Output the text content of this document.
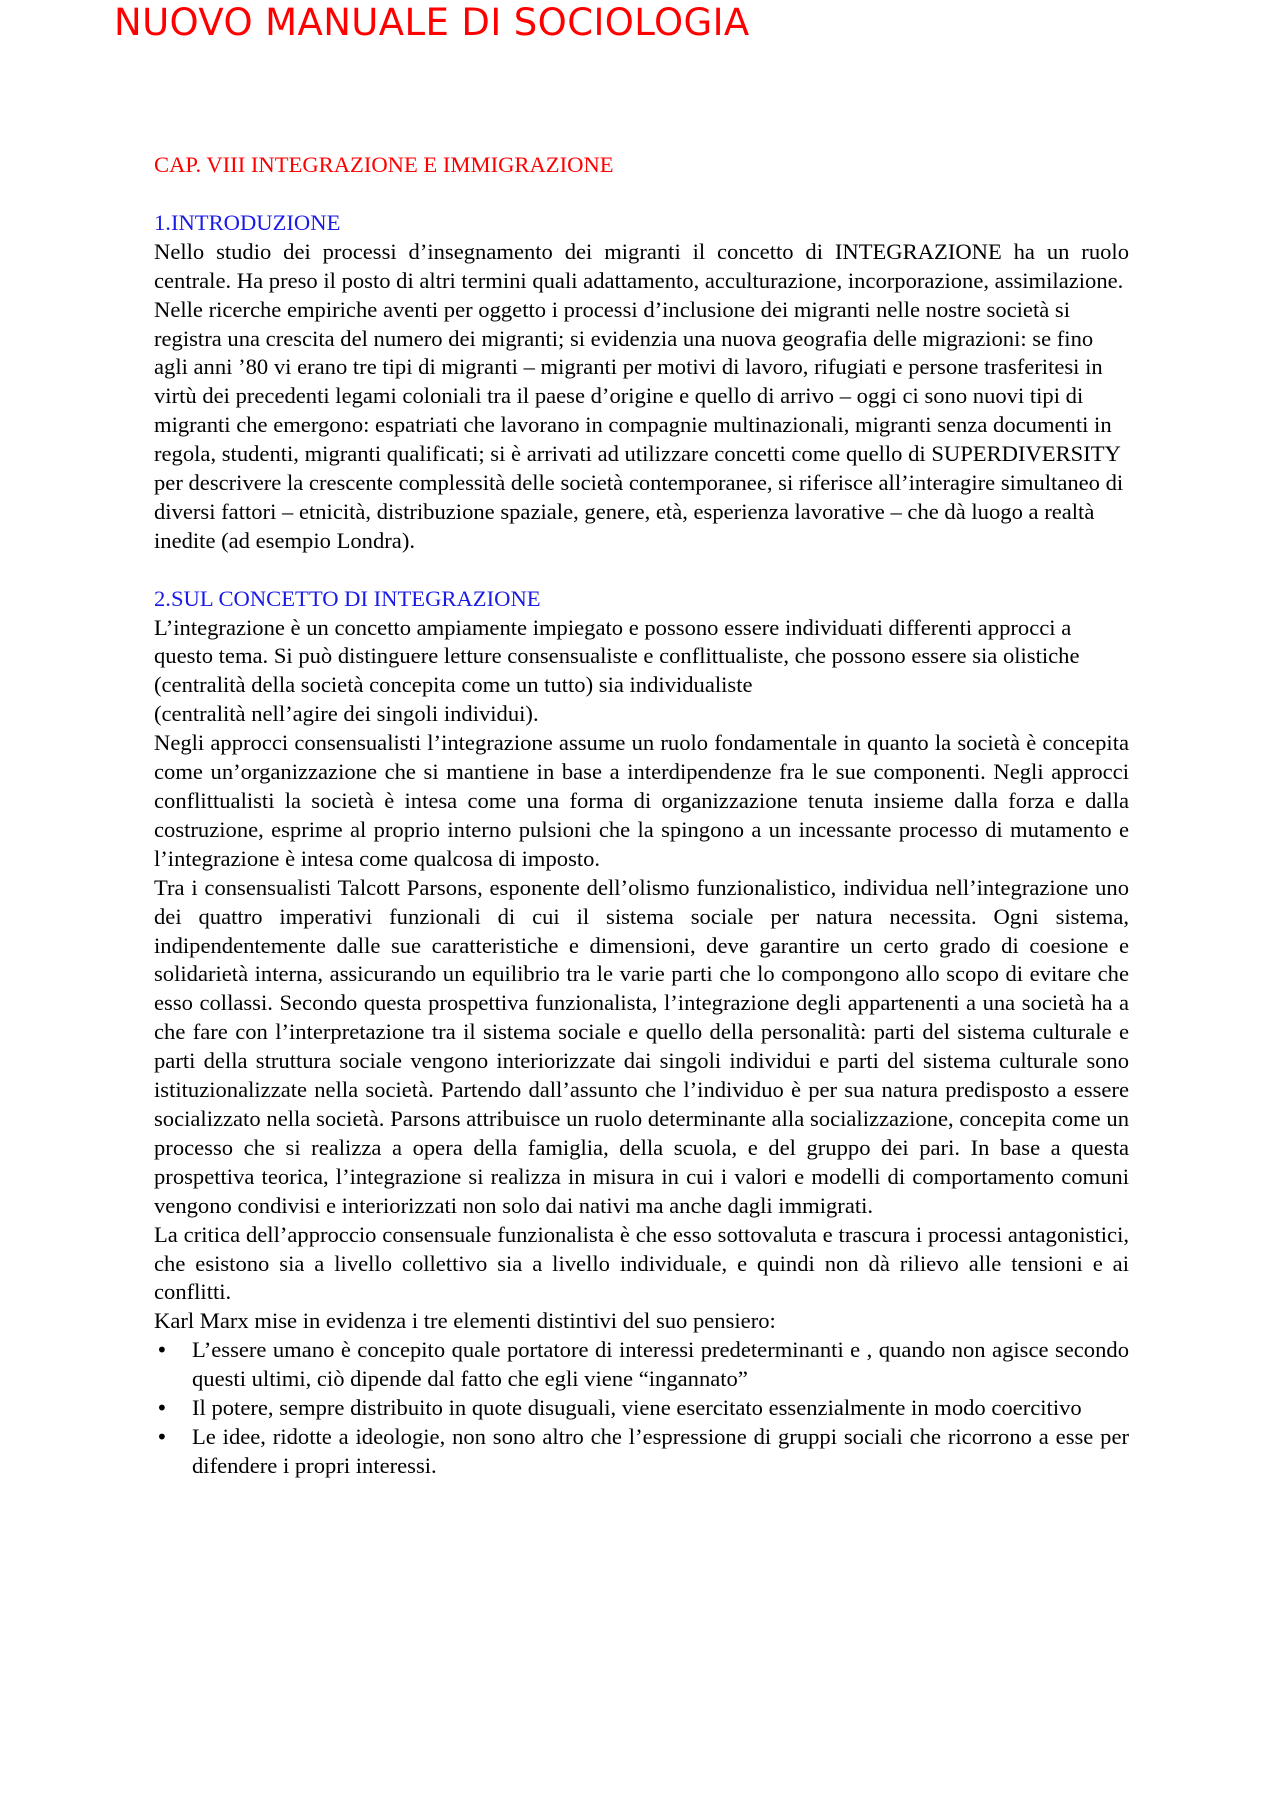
NUOVO MANUALE DI SOCIOLOGIA
CAP. VIII INTEGRAZIONE E IMMIGRAZIONE
1.INTRODUZIONE

Nello studio dei processi d’insegnamento dei migranti il concetto di INTEGRAZIONE ha un ruolo centrale. Ha preso il posto di altri termini quali adattamento, acculturazione, incorporazione, assimilazione.

Nelle ricerche empiriche aventi per oggetto i processi d’inclusione dei migranti nelle nostre società si registra una crescita del numero dei migranti; si evidenzia una nuova geografia delle migrazioni: se fino agli anni ’80 vi erano tre tipi di migranti – migranti per motivi di lavoro, rifugiati e persone trasferitesi in virtù dei precedenti legami coloniali tra il paese d’origine e quello di arrivo – oggi ci sono nuovi tipi di migranti che emergono: espatriati che lavorano in compagnie multinazionali, migranti senza documenti in regola, studenti, migranti qualificati; si è arrivati ad utilizzare concetti come quello di SUPERDIVERSITY per descrivere la crescente complessità delle società contemporanee, si riferisce all’interagire simultaneo di diversi fattori – etnicità, distribuzione spaziale, genere, età, esperienza lavorative – che dà luogo a realtà inedite (ad esempio Londra).

2.SUL CONCETTO DI INTEGRAZIONE

L’integrazione è un concetto ampiamente impiegato e possono essere individuati differenti approcci a questo tema. Si può distinguere letture consensualiste e conflittualiste, che possono essere sia olistiche (centralità della società concepita come un tutto) sia individualiste

(centralità nell’agire dei singoli individui).

Negli approcci consensualisti l’integrazione assume un ruolo fondamentale in quanto la società è concepita come un’organizzazione che si mantiene in base a interdipendenze fra le sue componenti. Negli approcci conflittualisti la società è intesa come una forma di organizzazione tenuta insieme dalla forza e dalla costruzione, esprime al proprio interno pulsioni che la spingono a un incessante processo di mutamento e l’integrazione è intesa come qualcosa di imposto.

Tra i consensualisti Talcott Parsons, esponente dell’olismo funzionalistico, individua nell’integrazione uno dei quattro imperativi funzionali di cui il sistema sociale per natura necessita. Ogni sistema, indipendentemente dalle sue caratteristiche e dimensioni, deve garantire un certo grado di coesione e solidarietà interna, assicurando un equilibrio tra le varie parti che lo compongono allo scopo di evitare che esso collassi. Secondo questa prospettiva funzionalista, l’integrazione degli appartenenti a una società ha a che fare con l’interpretazione tra il sistema sociale e quello della personalità: parti del sistema culturale e parti della struttura sociale vengono interiorizzate dai singoli individui e parti del sistema culturale sono istituzionalizzate nella società. Partendo dall’assunto che l’individuo è per sua natura predisposto a essere socializzato nella società. Parsons attribuisce un ruolo determinante alla socializzazione, concepita come un processo che si realizza a opera della famiglia, della scuola, e del gruppo dei pari. In base a questa prospettiva teorica, l’integrazione si realizza in misura in cui i valori e modelli di comportamento comuni vengono condivisi e interiorizzati non solo dai nativi ma anche dagli immigrati.

La critica dell’approccio consensuale funzionalista è che esso sottovaluta e trascura i processi antagonistici, che esistono sia a livello collettivo sia a livello individuale, e quindi non dà rilievo alle tensioni e ai conflitti.

Karl Marx mise in evidenza i tre elementi distintivi del suo pensiero:

• L’essere umano è concepito quale portatore di interessi predeterminanti e , quando non agisce secondo questi ultimi, ciò dipende dal fatto che egli viene “ingannato”
• Il potere, sempre distribuito in quote disuguali, viene esercitato essenzialmente in modo coercitivo
• Le idee, ridotte a ideologie, non sono altro che l’espressione di gruppi sociali che ricorrono a esse per difendere i propri interessi.
